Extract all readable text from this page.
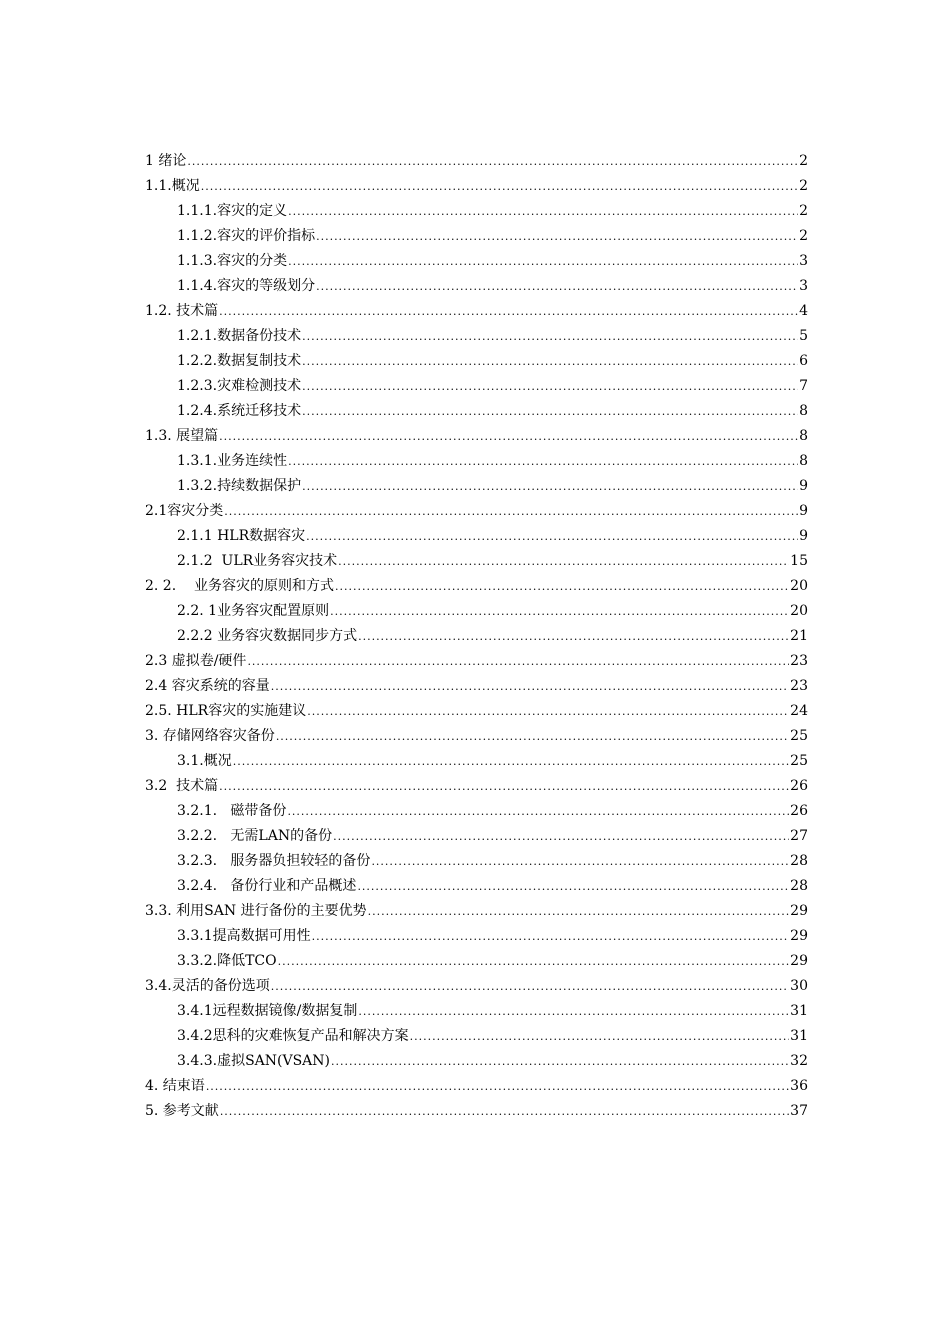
1 绪论 .....	2
1.1.概况 .....	2
1.1.1.容灾的定义 .....	2
1.1.2.容灾的评价指标 .....	2
1.1.3.容灾的分类 .....	3
1.1.4.容灾的等级划分 .....	3
1.2. 技术篇 .....	4
1.2.1.数据备份技术 .....	5
1.2.2.数据复制技术 .....	6
1.2.3.灾难检测技术 .....	7
1.2.4.系统迁移技术 .....	8
1.3. 展望篇 .....	8
1.3.1.业务连续性 .....	8
1.3.2.持续数据保护 .....	9
2.1容灾分类 .....	9
2.1.1 HLR数据容灾 .....	9
2.1.2  ULR业务容灾技术 .....	15
2. 2.    业务容灾的原则和方式 .....	20
2.2. 1业务容灾配置原则 .....	20
2.2.2 业务容灾数据同步方式 .....	21
2.3 虚拟卷/硬件 .....	23
2.4 容灾系统的容量 .....	23
2.5. HLR容灾的实施建议 .....	24
3. 存储网络容灾备份 .....	25
3.1.概况 .....	25
3.2  技术篇 .....	26
3.2.1.   磁带备份 .....	26
3.2.2.   无需LAN的备份 .....	27
3.2.3.   服务器负担较轻的备份 .....	28
3.2.4.   备份行业和产品概述 .....	28
3.3. 利用SAN 进行备份的主要优势 .....	29
3.3.1提高数据可用性 .....	29
3.3.2.降低TCO .....	29
3.4.灵活的备份选项 .....	30
3.4.1远程数据镜像/数据复制 .....	31
3.4.2思科的灾难恢复产品和解决方案 .....	31
3.4.3.虚拟SAN(VSAN) .....	32
4. 结束语 .....	36
5. 参考文献 .....	37
